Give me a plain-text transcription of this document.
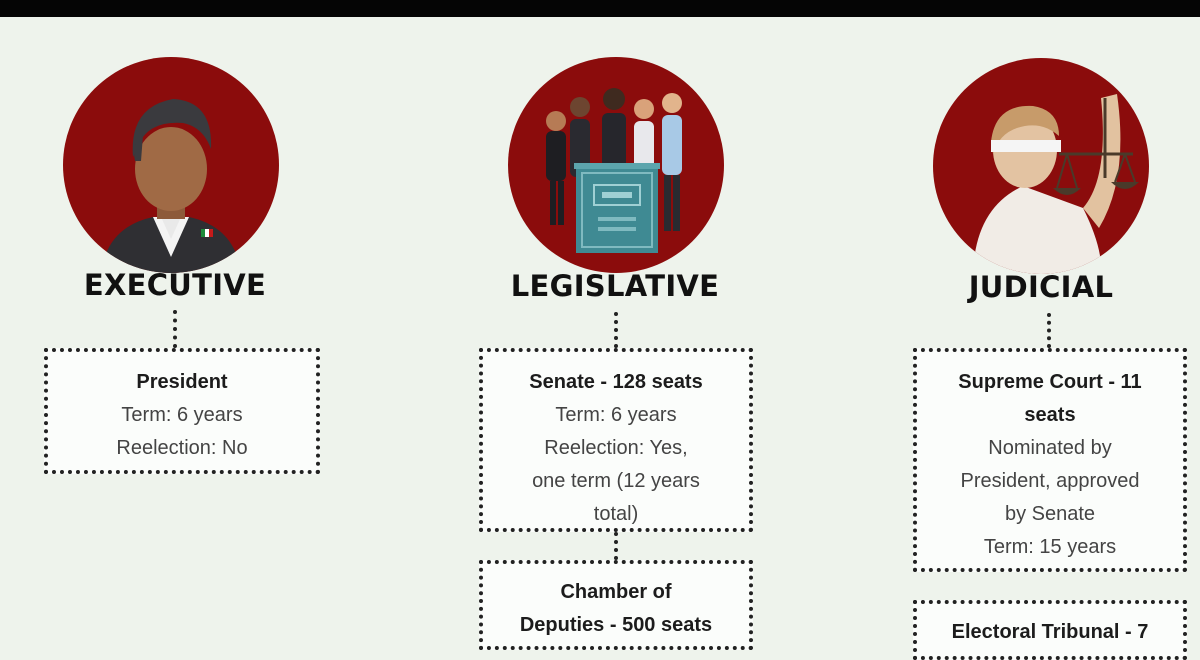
EXECUTIVE
President
Term: 6 years
Reelection: No
LEGISLATIVE
Senate - 128 seats
Term: 6 years
Reelection: Yes,
one term (12 years
total)
Chamber of
Deputies - 500 seats
JUDICIAL
Supreme Court - 11
seats
Nominated by
President, approved
by Senate
Term: 15 years
Electoral Tribunal - 7
